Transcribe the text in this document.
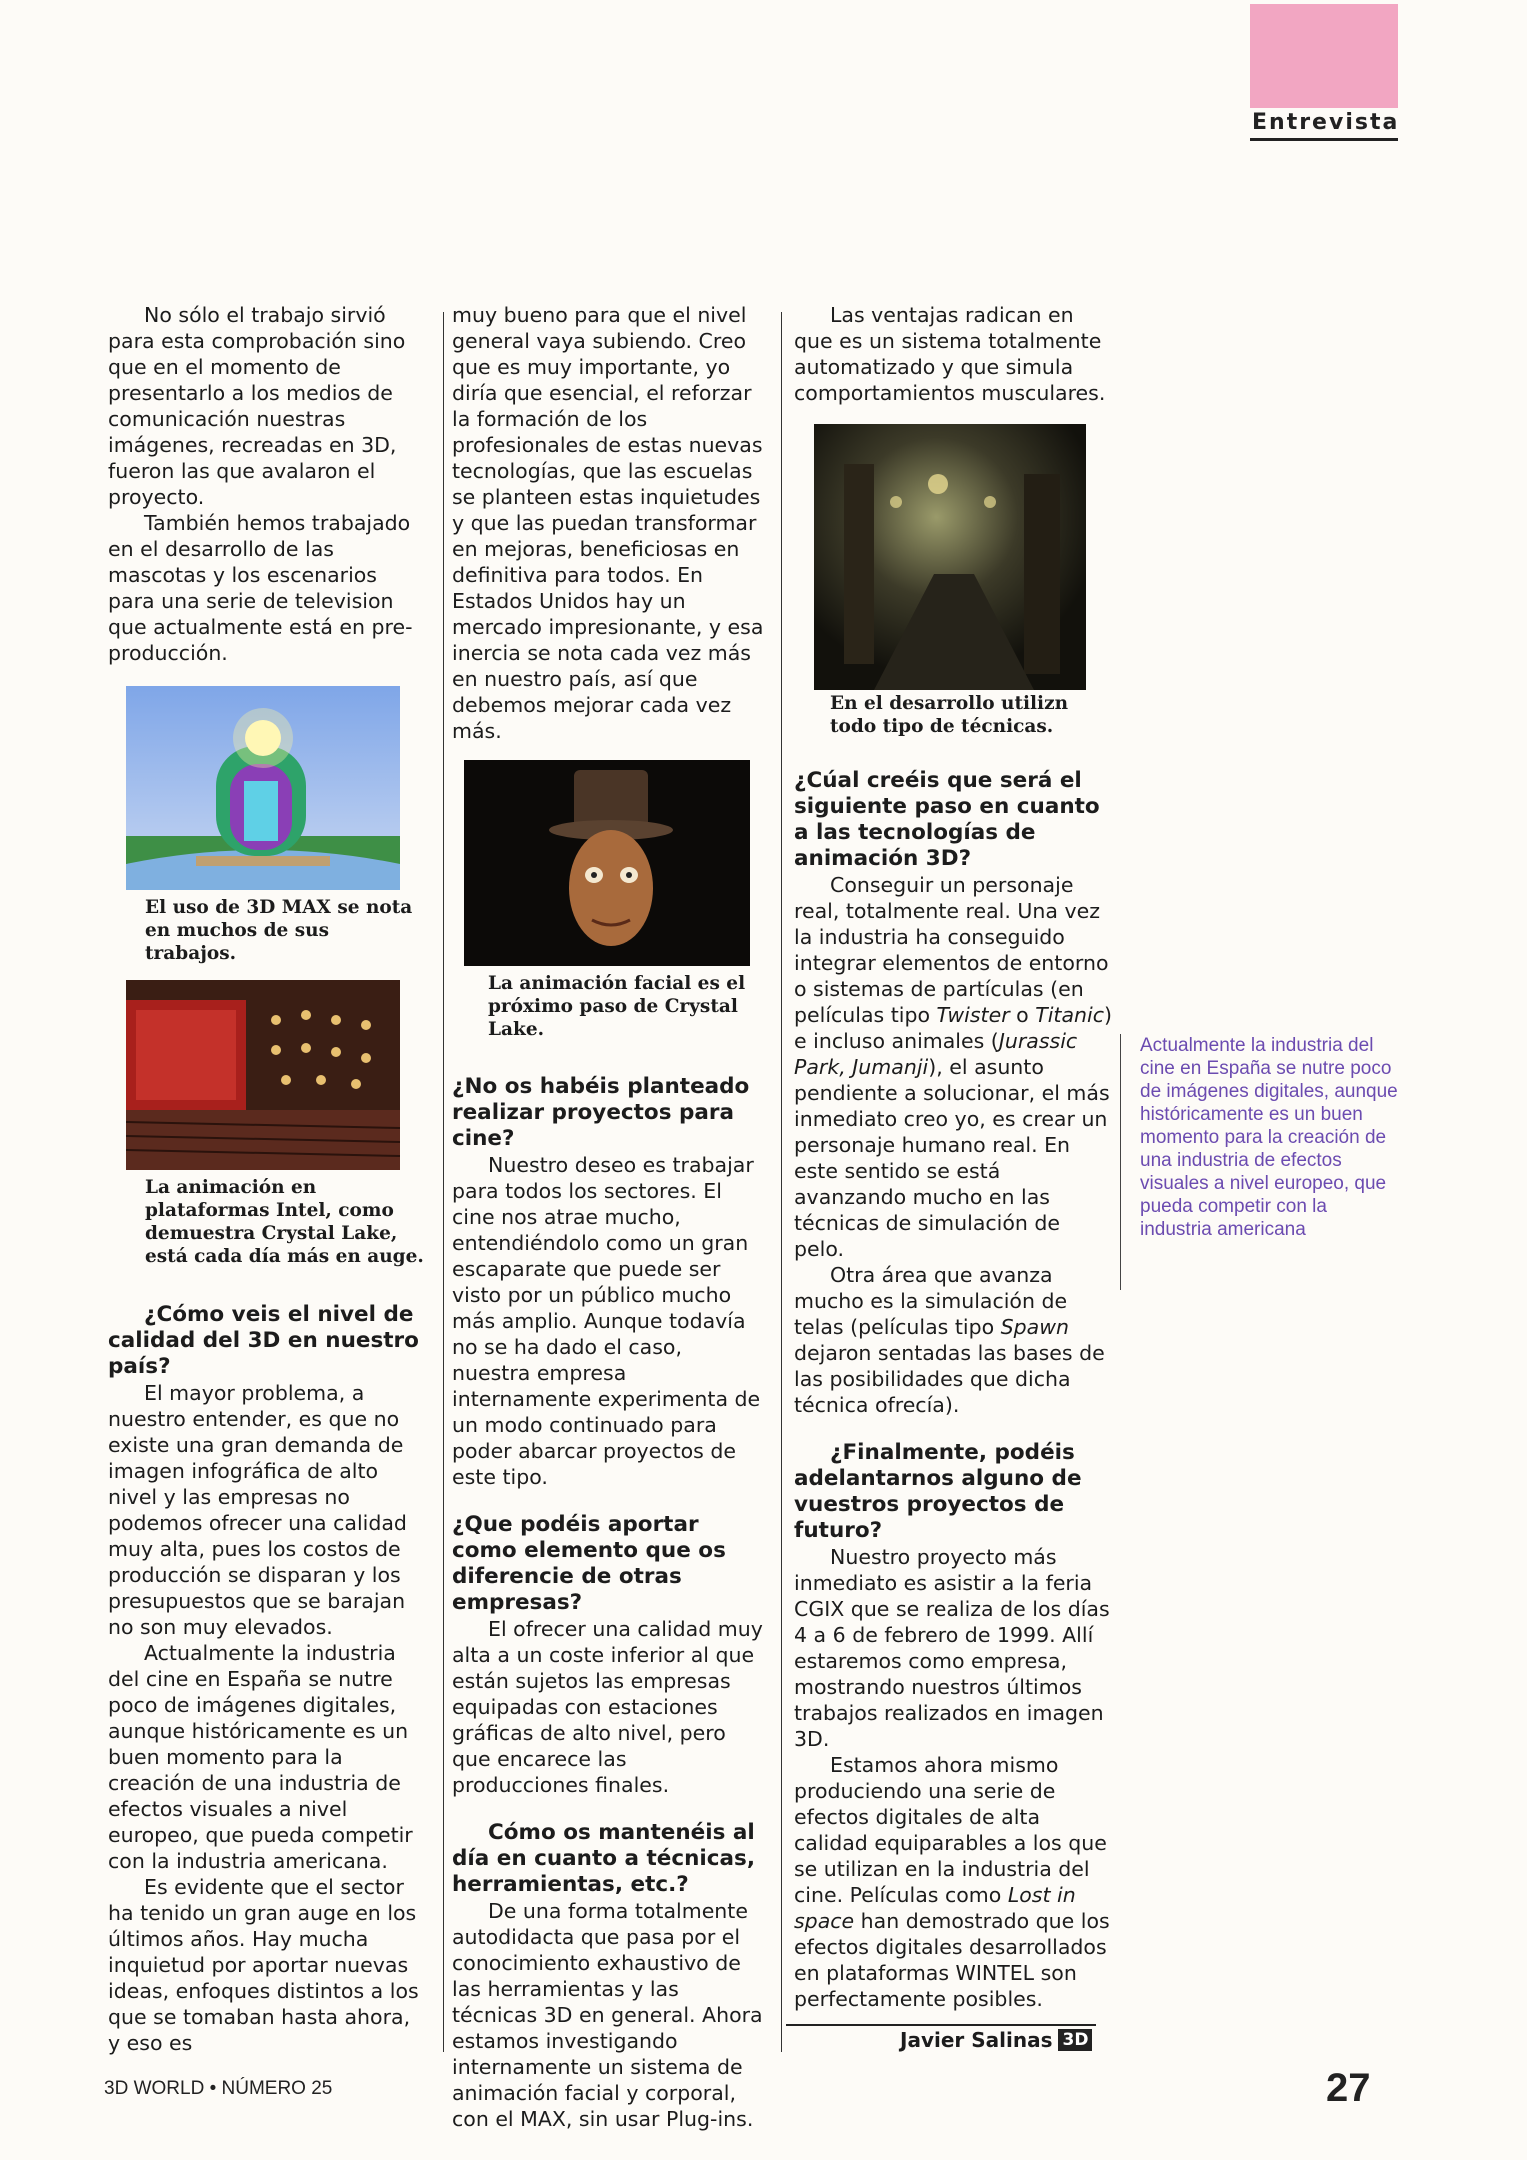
Entrevista

No sólo el trabajo sirvió para esta comprobación sino que en el momento de presentarlo a los medios de comunicación nuestras imágenes, recreadas en 3D, fueron las que avalaron el proyecto.

También hemos trabajado en el desarrollo de las mascotas y los escenarios para una serie de television que actualmente está en pre-producción.

El uso de 3D MAX se nota en muchos de sus trabajos.

La animación en plataformas Intel, como demuestra Crystal Lake, está cada día más en auge.

¿Cómo veis el nivel de calidad del 3D en nuestro país?

El mayor problema, a nuestro entender, es que no existe una gran demanda de imagen infográfica de alto nivel y las empresas no podemos ofrecer una calidad muy alta, pues los costos de producción se disparan y los presupuestos que se barajan no son muy elevados.

Actualmente la industria del cine en España se nutre poco de imágenes digitales, aunque históricamente es un buen momento para la creación de una industria de efectos visuales a nivel europeo, que pueda competir con la industria americana.

Es evidente que el sector ha tenido un gran auge en los últimos años. Hay mucha inquietud por aportar nuevas ideas, enfoques distintos a los que se tomaban hasta ahora, y eso es

muy bueno para que el nivel general vaya subiendo. Creo que es muy importante, yo diría que esencial, el reforzar la formación de los profesionales de estas nuevas tecnologías, que las escuelas se planteen estas inquietudes y que las puedan transformar en mejoras, beneficiosas en definitiva para todos. En Estados Unidos hay un mercado impresionante, y esa inercia se nota cada vez más en nuestro país, así que debemos mejorar cada vez más.

La animación facial es el próximo paso de Crystal Lake.

¿No os habéis planteado realizar proyectos para cine?

Nuestro deseo es trabajar para todos los sectores. El cine nos atrae mucho, entendiéndolo como un gran escaparate que puede ser visto por un público mucho más amplio. Aunque todavía no se ha dado el caso, nuestra empresa internamente experimenta de un modo continuado para poder abarcar proyectos de este tipo.

¿Que podéis aportar como elemento que os diferencie de otras empresas?

El ofrecer una calidad muy alta a un coste inferior al que están sujetos las empresas equipadas con estaciones gráficas de alto nivel, pero que encarece las producciones finales.

Cómo os mantenéis al día en cuanto a técnicas, herramientas, etc.?

De una forma totalmente autodidacta que pasa por el conocimiento exhaustivo de las herramientas y las técnicas 3D en general. Ahora estamos investigando internamente un sistema de animación facial y corporal, con el MAX, sin usar Plug-ins.

Las ventajas radican en que es un sistema totalmente automatizado y que simula comportamientos musculares.

En el desarrollo utilizn todo tipo de técnicas.

¿Cúal creéis que será el siguiente paso en cuanto a las tecnologías de animación 3D?

Conseguir un personaje real, totalmente real. Una vez la industria ha conseguido integrar elementos de entorno o sistemas de partículas (en películas tipo Twister o Titanic) e incluso animales (Jurassic Park, Jumanji), el asunto pendiente a solucionar, el más inmediato creo yo, es crear un personaje humano real. En este sentido se está avanzando mucho en las técnicas de simulación de pelo.

Otra área que avanza mucho es la simulación de telas (películas tipo Spawn dejaron sentadas las bases de las posibilidades que dicha técnica ofrecía).

¿Finalmente, podéis adelantarnos alguno de vuestros proyectos de futuro?

Nuestro proyecto más inmediato es asistir a la feria CGIX que se realiza de los días 4 a 6 de febrero de 1999. Allí estaremos como empresa, mostrando nuestros últimos trabajos realizados en imagen 3D.

Estamos ahora mismo produciendo una serie de efectos digitales de alta calidad equiparables a los que se utilizan en la industria del cine. Películas como Lost in space han demostrado que los efectos digitales desarrollados en plataformas WINTEL son perfectamente posibles.

Javier Salinas 3D
Actualmente la industria del cine en España se nutre poco de imágenes digitales, aunque históricamente es un buen momento para la creación de una industria de efectos visuales a nivel europeo, que pueda competir con la industria americana
3D WORLD • NÚMERO 25	27
